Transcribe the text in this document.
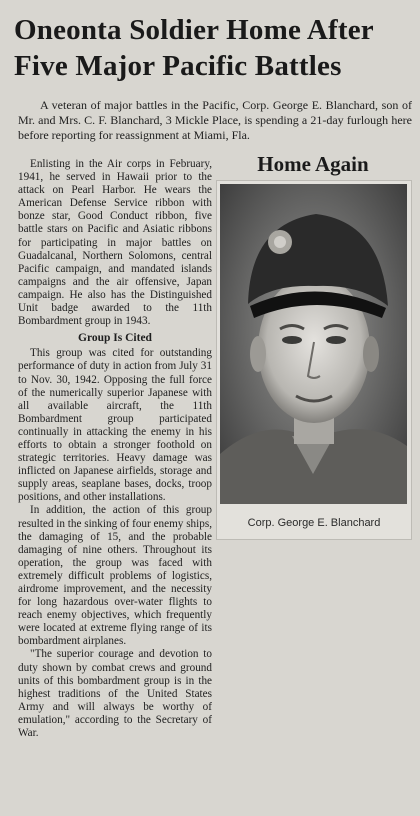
Oneonta Soldier Home After
Five Major Pacific Battles
A veteran of major battles in the Pacific, Corp. George E. Blanchard, son of Mr. and Mrs. C. F. Blanchard, 3 Mickle Place, is spending a 21-day furlough here before reporting for reassignment at Miami, Fla.

Enlisting in the Air corps in February, 1941, he served in Hawaii prior to the attack on Pearl Harbor. He wears the American Defense Service ribbon with bonze star, Good Conduct ribbon, five battle stars on Pacific and Asiatic ribbons for participating in major battles on Guadalcanal, Northern Solomons, central Pacific campaign, and mandated islands campaigns and the air offensive, Japan campaign. He also has the Distinguished Unit badge awarded to the 11th Bombardment group in 1943.

Group Is Cited

This group was cited for outstanding performance of duty in action from July 31 to Nov. 30, 1942. Opposing the full force of the numerically superior Japanese with all available aircraft, the 11th Bombardment group participated continually in attacking the enemy in his efforts to obtain a stronger foothold on strategic territories. Heavy damage was inflicted on Japanese airfields, storage and supply areas, seaplane bases, docks, troop positions, and other installations.

In addition, the action of this group resulted in the sinking of four enemy ships, the damaging of 15, and the probable damaging of nine others. Throughout its operation, the group was faced with extremely difficult problems of logistics, airdrome improvement, and the necessity for long hazardous over-water flights to reach enemy objectives, which frequently were located at extreme flying range of its bombardment airplanes.

"The superior courage and devotion to duty shown by combat crews and ground units of this bombardment group is in the highest traditions of the United States Army and will always be worthy of emulation," according to the Secretary of War.

Home Again
Corp. George E. Blanchard
